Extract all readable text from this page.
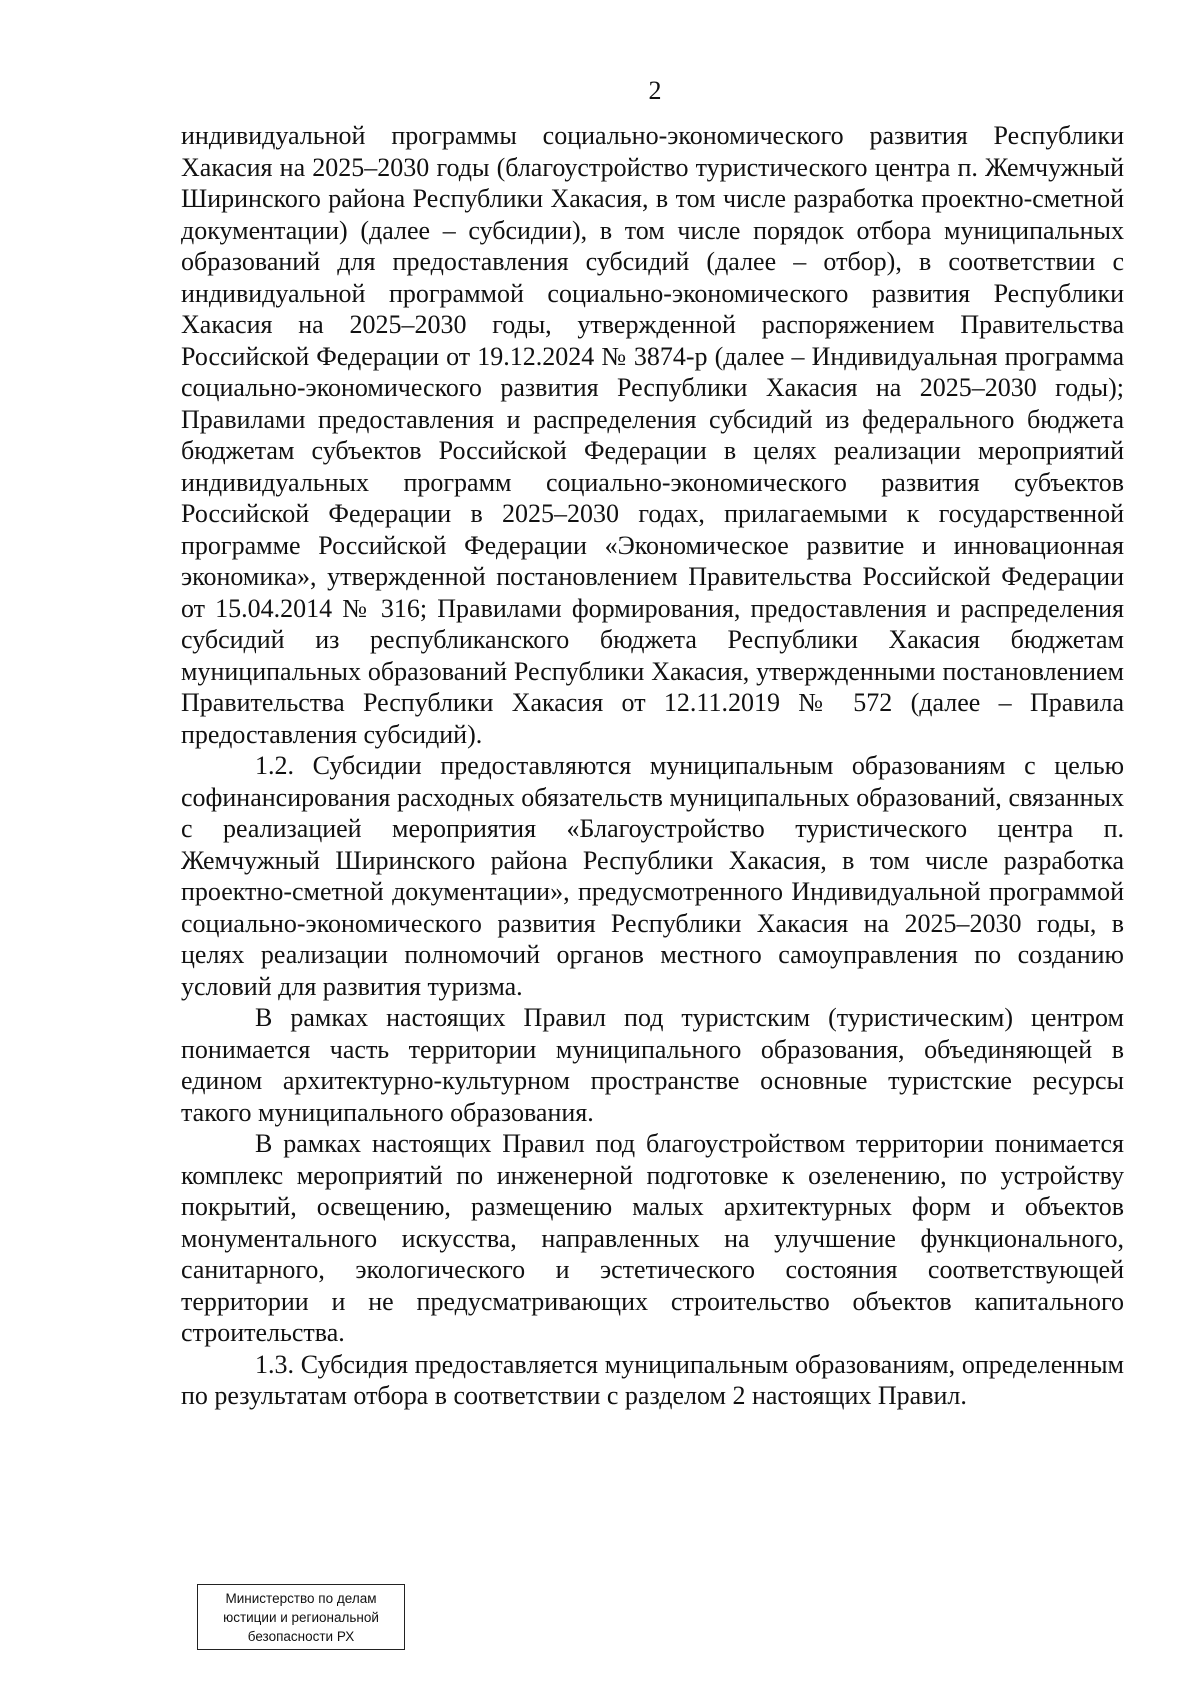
2

индивидуальной программы социально-экономического развития Республики Хакасия на 2025–2030 годы (благоустройство туристического центра п. Жемчужный Ширинского района Республики Хакасия, в том числе разработка проектно-сметной документации) (далее – субсидии), в том числе порядок отбора муниципальных образований для предоставления субсидий (далее – отбор), в соответствии с индивидуальной программой социально-экономического развития Республики Хакасия на 2025–2030 годы, утвержденной распоряжением Правительства Российской Федерации от 19.12.2024 № 3874-р (далее – Индивидуальная программа социально-экономического развития Республики Хакасия на 2025–2030 годы); Правилами предоставления и распределения субсидий из федерального бюджета бюджетам субъектов Российской Федерации в целях реализации мероприятий индивидуальных программ социально-экономического развития субъектов Российской Федерации в 2025–2030 годах, прилагаемыми к государственной программе Российской Федерации «Экономическое развитие и инновационная экономика», утвержденной постановлением Правительства Российской Федерации от 15.04.2014 № 316; Правилами формирования, предоставления и распределения субсидий из республиканского бюджета Республики Хакасия бюджетам муниципальных образований Республики Хакасия, утвержденными постановлением Правительства Республики Хакасия от 12.11.2019 № 572 (далее – Правила предоставления субсидий).

1.2. Субсидии предоставляются муниципальным образованиям с целью софинансирования расходных обязательств муниципальных образований, связанных с реализацией мероприятия «Благоустройство туристического центра п. Жемчужный Ширинского района Республики Хакасия, в том числе разработка проектно-сметной документации», предусмотренного Индивидуальной программой социально-экономического развития Республики Хакасия на 2025–2030 годы, в целях реализации полномочий органов местного самоуправления по созданию условий для развития туризма.

В рамках настоящих Правил под туристским (туристическим) центром понимается часть территории муниципального образования, объединяющей в едином архитектурно-культурном пространстве основные туристские ресурсы такого муниципального образования.

В рамках настоящих Правил под благоустройством территории понимается комплекс мероприятий по инженерной подготовке к озеленению, по устройству покрытий, освещению, размещению малых архитектурных форм и объектов монументального искусства, направленных на улучшение функционального, санитарного, экологического и эстетического состояния соответствующей территории и не предусматривающих строительство объектов капитального строительства.

1.3. Субсидия предоставляется муниципальным образованиям, определенным по результатам отбора в соответствии с разделом 2 настоящих Правил.

Министерство по делам
юстиции и региональной
безопасности РХ
